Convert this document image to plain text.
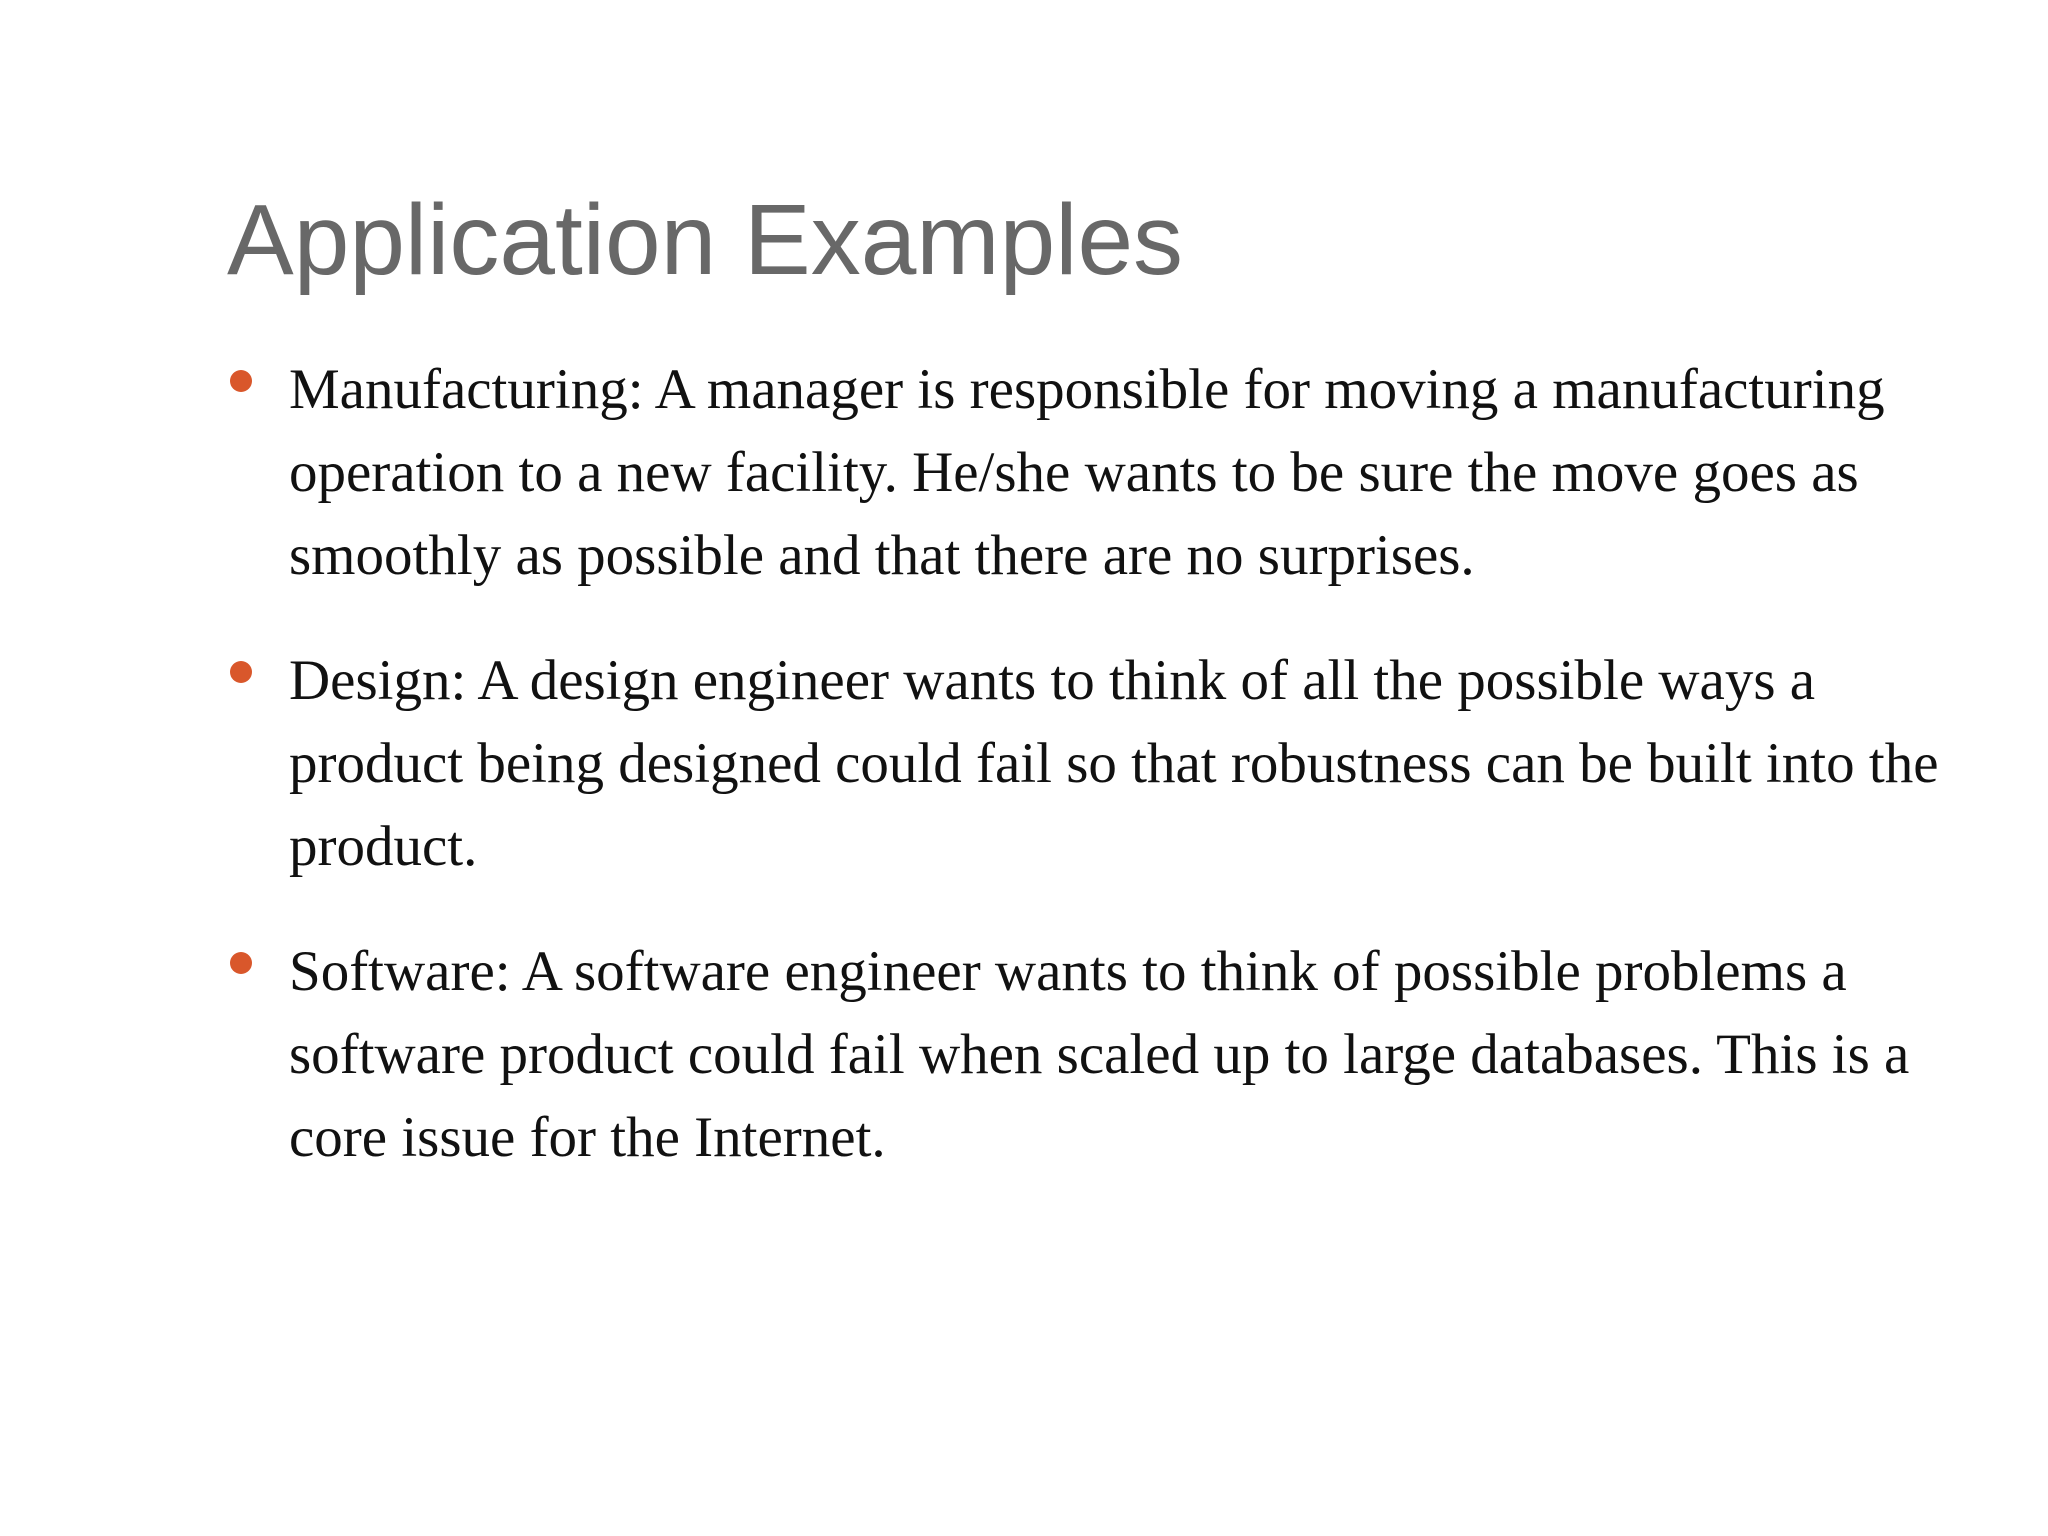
Application Examples
Manufacturing: A manager is responsible for moving a manufacturing operation to a new facility. He/she wants to be sure the move goes as smoothly as possible and that there are no surprises.
Design: A design engineer wants to think of all the possible ways a product being designed could fail so that robustness can be built into the product.
Software: A software engineer wants to think of possible problems a software product could fail when scaled up to large databases. This is a core issue for the Internet.
